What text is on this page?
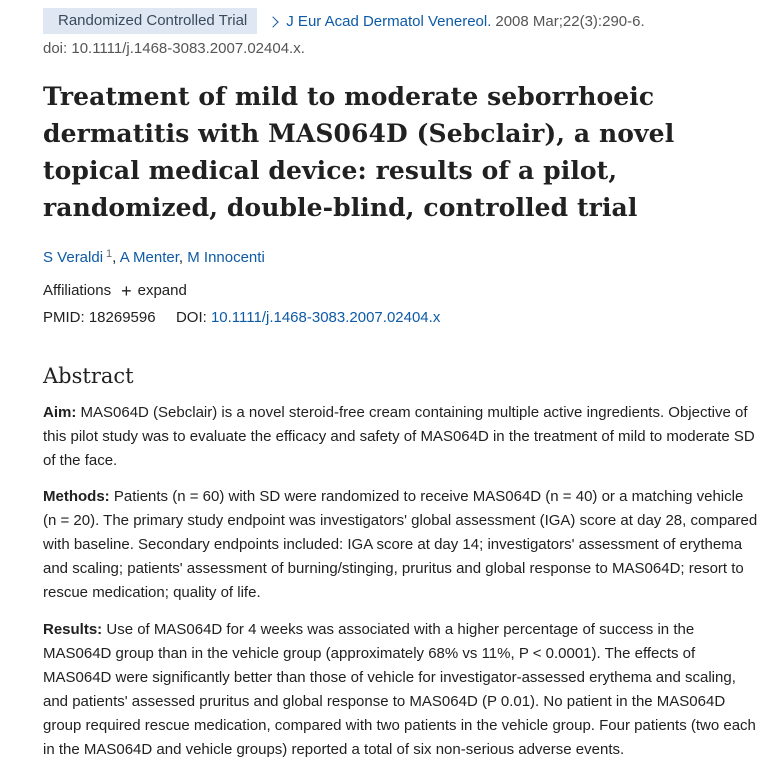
Randomized Controlled Trial	J Eur Acad Dermatol Venereol. 2008 Mar;22(3):290-6.
doi: 10.1111/j.1468-3083.2007.02404.x.
Treatment of mild to moderate seborrhoeic dermatitis with MAS064D (Sebclair), a novel topical medical device: results of a pilot, randomized, double-blind, controlled trial
S Veraldi $^1$, A Menter, M Innocenti
Affiliations + expand
PMID: 18269596 DOI: 10.1111/j.1468-3083.2007.02404.x
Abstract

Aim: MAS064D (Sebclair) is a novel steroid-free cream containing multiple active ingredients. Objective of this pilot study was to evaluate the efficacy and safety of MAS064D in the treatment of mild to moderate SD of the face.

Methods: Patients (n = 60) with SD were randomized to receive MAS064D (n = 40) or a matching vehicle (n = 20). The primary study endpoint was investigators' global assessment (IGA) score at day 28, compared with baseline. Secondary endpoints included: IGA score at day 14; investigators' assessment of erythema and scaling; patients' assessment of burning/stinging, pruritus and global response to MAS064D; resort to rescue medication; quality of life.

Results: Use of MAS064D for 4 weeks was associated with a higher percentage of success in the MAS064D group than in the vehicle group (approximately 68% vs 11%, P < 0.0001). The effects of MAS064D were significantly better than those of vehicle for investigator-assessed erythema and scaling, and patients' assessed pruritus and global response to MAS064D (P 0.01). No patient in the MAS064D group required rescue medication, compared with two patients in the vehicle group. Four patients (two each in the MAS064D and vehicle groups) reported a total of six non-serious adverse events.
